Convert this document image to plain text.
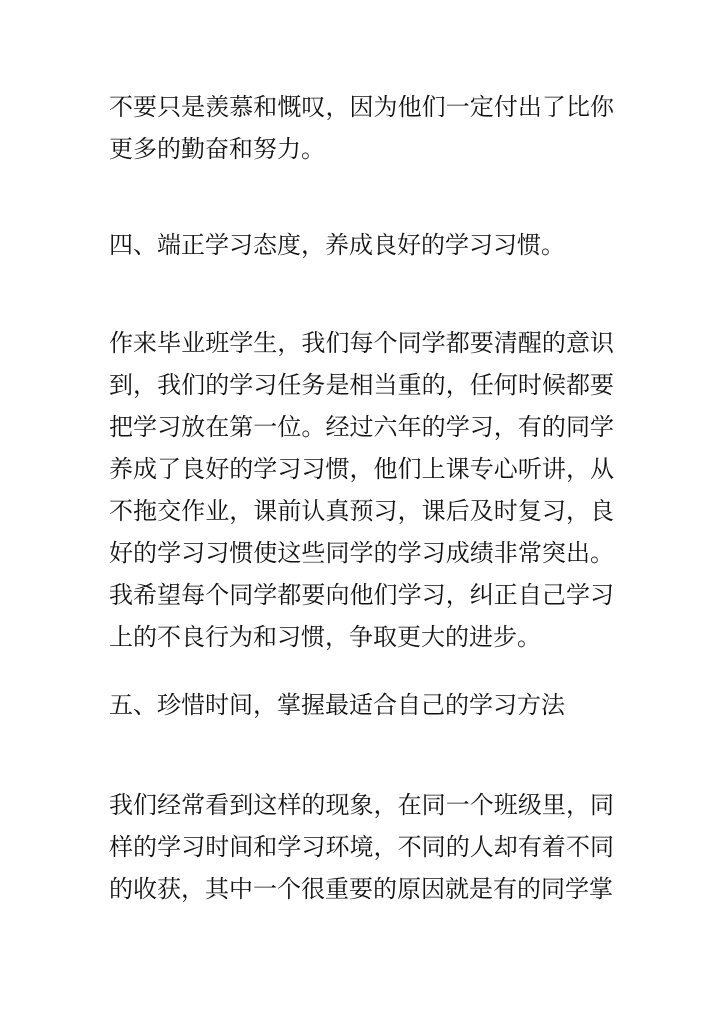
不要只是羡慕和慨叹，因为他们一定付出了比你更多的勤奋和努力。

四、端正学习态度，养成良好的学习习惯。

作来毕业班学生，我们每个同学都要清醒的意识到，我们的学习任务是相当重的，任何时候都要把学习放在第一位。经过六年的学习，有的同学养成了良好的学习习惯，他们上课专心听讲，从不拖交作业，课前认真预习，课后及时复习，良好的学习习惯使这些同学的学习成绩非常突出。我希望每个同学都要向他们学习，纠正自己学习上的不良行为和习惯，争取更大的进步。

五、珍惜时间，掌握最适合自己的学习方法

我们经常看到这样的现象，在同一个班级里，同样的学习时间和学习环境，不同的人却有着不同的收获，其中一个很重要的原因就是有的同学掌
